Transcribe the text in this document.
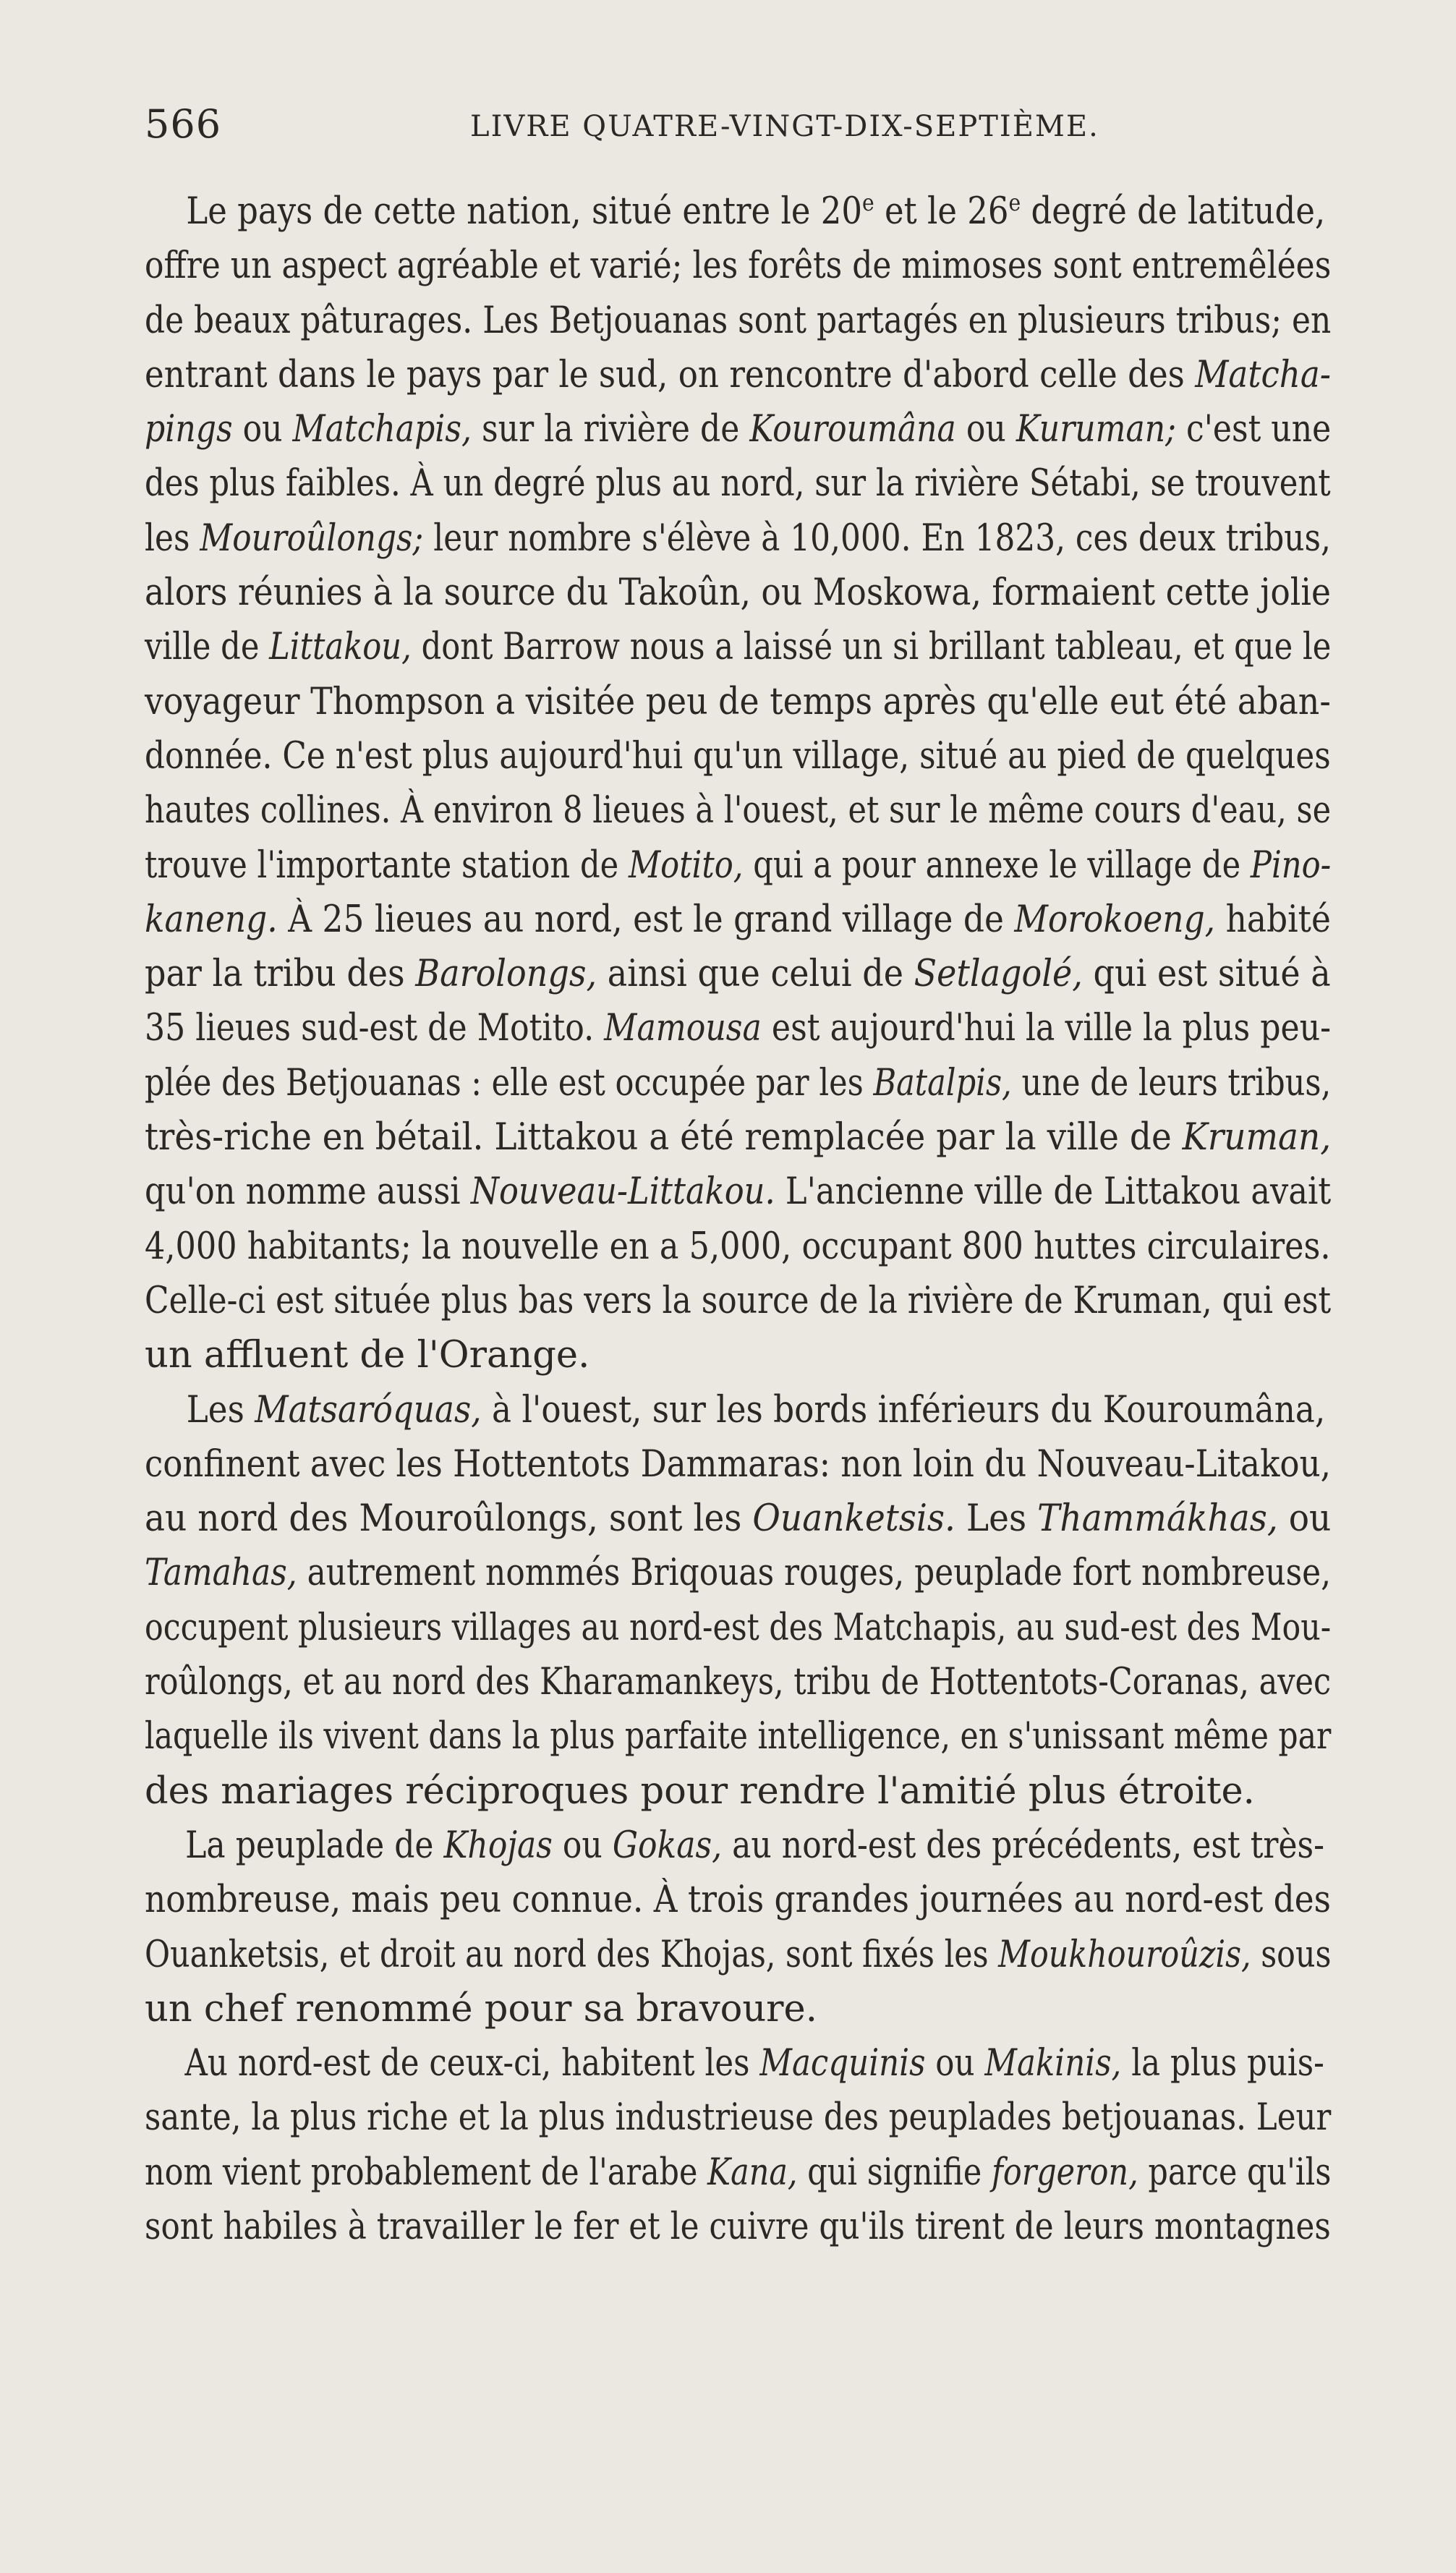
566	LIVRE QUATRE-VINGT-DIX-SEPTIÈME.
Le pays de cette nation, situé entre le 20e et le 26e degré de latitude,
offre un aspect agréable et varié; les forêts de mimoses sont entremêlées
de beaux pâturages. Les Betjouanas sont partagés en plusieurs tribus; en
entrant dans le pays par le sud, on rencontre d'abord celle des Matcha-
pings ou Matchapis, sur la rivière de Kouroumâna ou Kuruman; c'est une
des plus faibles. À un degré plus au nord, sur la rivière Sétabi, se trouvent
les Mouroûlongs; leur nombre s'élève à 10,000. En 1823, ces deux tribus,
alors réunies à la source du Takoûn, ou Moskowa, formaient cette jolie
ville de Littakou, dont Barrow nous a laissé un si brillant tableau, et que le
voyageur Thompson a visitée peu de temps après qu'elle eut été aban-
donnée. Ce n'est plus aujourd'hui qu'un village, situé au pied de quelques
hautes collines. À environ 8 lieues à l'ouest, et sur le même cours d'eau, se
trouve l'importante station de Motito, qui a pour annexe le village de Pino-
kaneng. À 25 lieues au nord, est le grand village de Morokoeng, habité
par la tribu des Barolongs, ainsi que celui de Setlagolé, qui est situé à
35 lieues sud-est de Motito. Mamousa est aujourd'hui la ville la plus peu-
plée des Betjouanas : elle est occupée par les Batalpis, une de leurs tribus,
très-riche en bétail. Littakou a été remplacée par la ville de Kruman,
qu'on nomme aussi Nouveau-Littakou. L'ancienne ville de Littakou avait
4,000 habitants; la nouvelle en a 5,000, occupant 800 huttes circulaires.
Celle-ci est située plus bas vers la source de la rivière de Kruman, qui est
un affluent de l'Orange.
Les Matsaróquas, à l'ouest, sur les bords inférieurs du Kouroumâna,
confinent avec les Hottentots Dammaras: non loin du Nouveau-Litakou,
au nord des Mouroûlongs, sont les Ouanketsis. Les Thammákhas, ou
Tamahas, autrement nommés Briqouas rouges, peuplade fort nombreuse,
occupent plusieurs villages au nord-est des Matchapis, au sud-est des Mou-
roûlongs, et au nord des Kharamankeys, tribu de Hottentots-Coranas, avec
laquelle ils vivent dans la plus parfaite intelligence, en s'unissant même par
des mariages réciproques pour rendre l'amitié plus étroite.
La peuplade de Khojas ou Gokas, au nord-est des précédents, est très-
nombreuse, mais peu connue. À trois grandes journées au nord-est des
Ouanketsis, et droit au nord des Khojas, sont fixés les Moukhouroûzis, sous
un chef renommé pour sa bravoure.
Au nord-est de ceux-ci, habitent les Macquinis ou Makinis, la plus puis-
sante, la plus riche et la plus industrieuse des peuplades betjouanas. Leur
nom vient probablement de l'arabe Kana, qui signifie forgeron, parce qu'ils
sont habiles à travailler le fer et le cuivre qu'ils tirent de leurs montagnes
